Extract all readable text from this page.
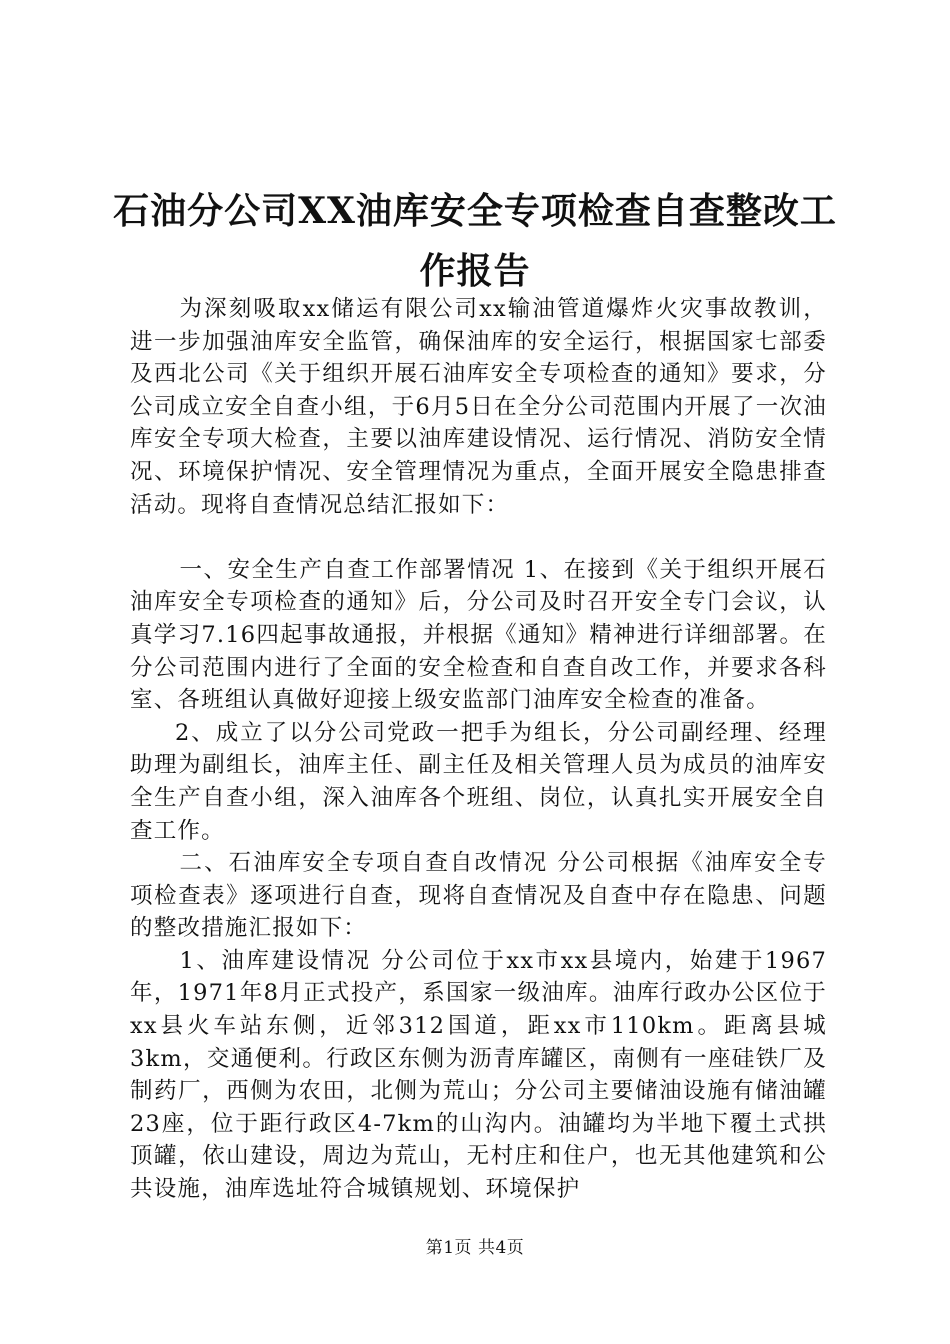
石油分公司XX油库安全专项检查自查整改工
作报告

为深刻吸取xx储运有限公司xx输油管道爆炸火灾事故教训，进一步加强油库安全监管，确保油库的安全运行，根据国家七部委及西北公司《关于组织开展石油库安全专项检查的通知》要求，分公司成立安全自查小组，于6月5日在全分公司范围内开展了一次油库安全专项大检查，主要以油库建设情况、运行情况、消防安全情况、环境保护情况、安全管理情况为重点，全面开展安全隐患排查活动。现将自查情况总结汇报如下：

一、安全生产自查工作部署情况 1、在接到《关于组织开展石油库安全专项检查的通知》后，分公司及时召开安全专门会议，认真学习7.16四起事故通报，并根据《通知》精神进行详细部署。在分公司范围内进行了全面的安全检查和自查自改工作，并要求各科室、各班组认真做好迎接上级安监部门油库安全检查的准备。

2、成立了以分公司党政一把手为组长，分公司副经理、经理助理为副组长，油库主任、副主任及相关管理人员为成员的油库安全生产自查小组，深入油库各个班组、岗位，认真扎实开展安全自查工作。

二、石油库安全专项自查自改情况 分公司根据《油库安全专项检查表》逐项进行自查，现将自查情况及自查中存在隐患、问题的整改措施汇报如下：

1、油库建设情况 分公司位于xx市xx县境内，始建于1967年，1971年8月正式投产，系国家一级油库。油库行政办公区位于xx县火车站东侧，近邻312国道，距xx市110km。距离县城3km，交通便利。行政区东侧为沥青库罐区，南侧有一座硅铁厂及制药厂，西侧为农田，北侧为荒山；分公司主要储油设施有储油罐23座，位于距行政区4-7km的山沟内。油罐均为半地下覆土式拱顶罐，依山建设，周边为荒山，无村庄和住户，也无其他建筑和公共设施，油库选址符合城镇规划、环境保护

第1页 共4页
